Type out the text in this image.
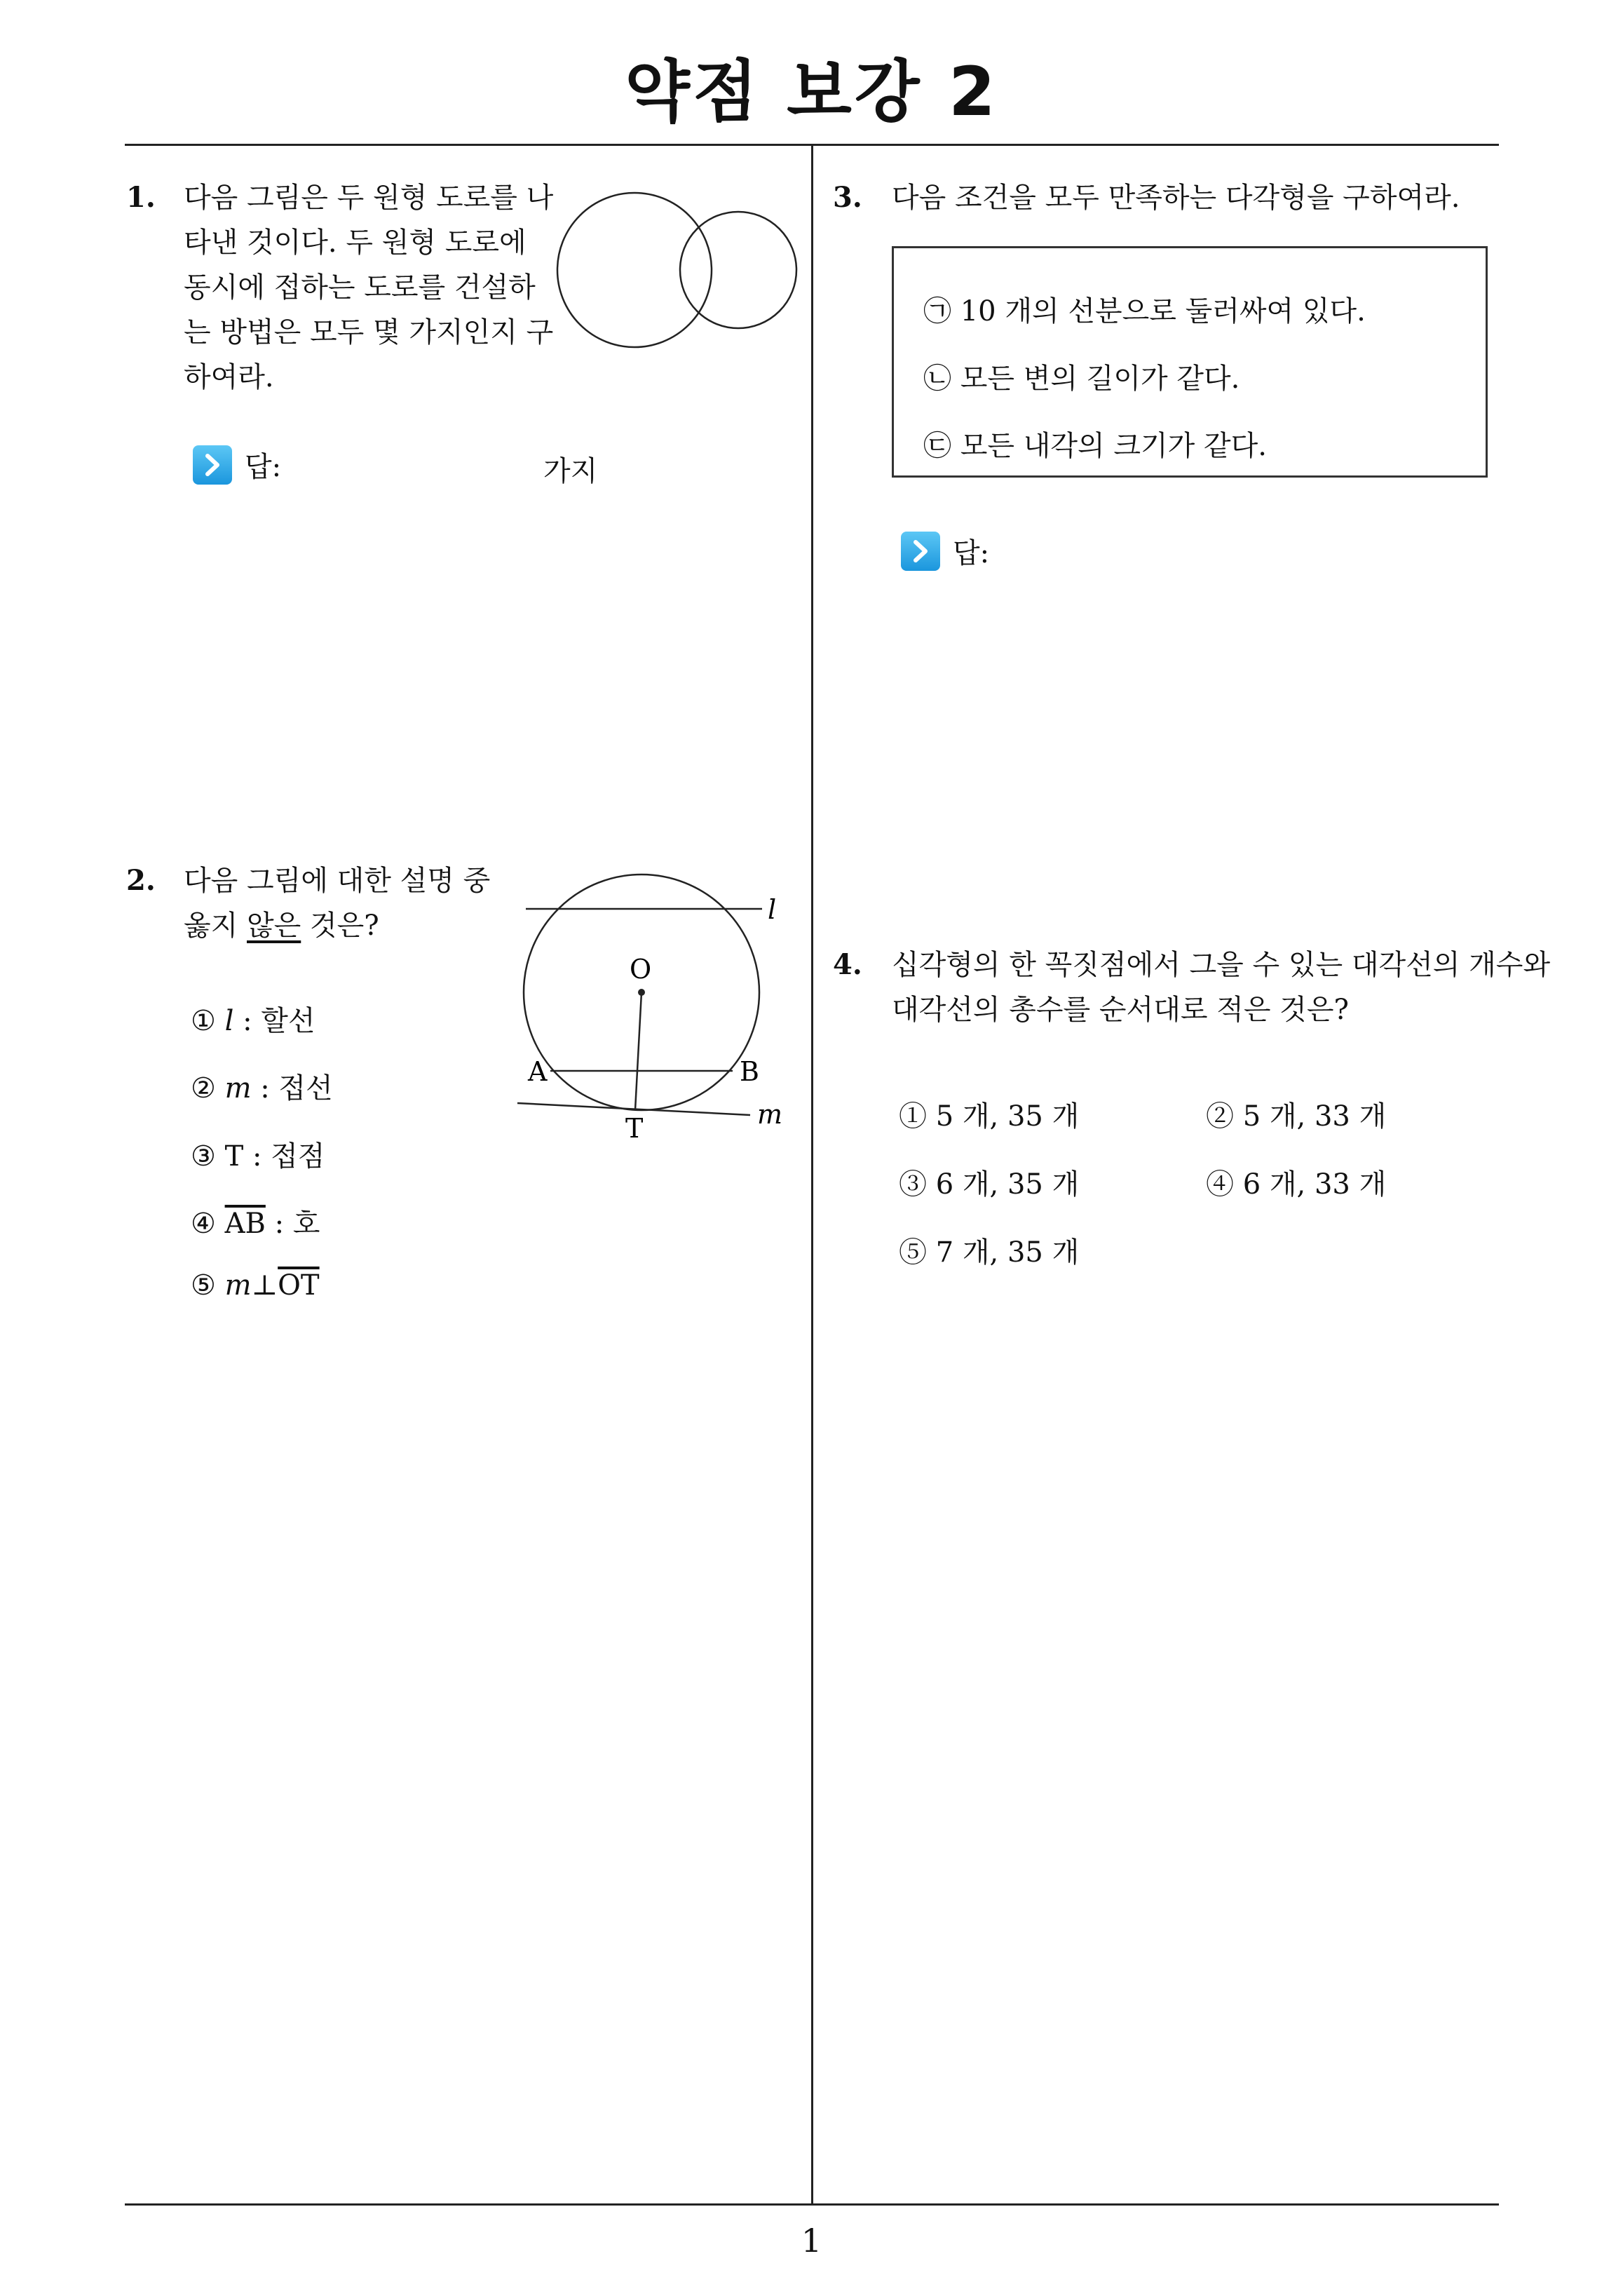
약점 보강 2
1. 다음 그림은 두 원형 도로를 나
타낸 것이다. 두 원형 도로에
동시에 접하는 도로를 건설하
는 방법은 모두 몇 가지인지 구
하여라.
답:	가지
2. 다음 그림에 대한 설명 중
옳지 않은 것은?	l
A	B
m
O
T
① l : 할선
② m : 접선
③ T : 접점
④ $\overline{AB}$ : 호
⑤ $m\perp\overline{OT}$
3. 다음 조건을 모두 만족하는 다각형을 구하여라.
㉠ 10 개의 선분으로 둘러싸여 있다.
㉡ 모든 변의 길이가 같다.
㉢ 모든 내각의 크기가 같다.
답:
4. 십각형의 한 꼭짓점에서 그을 수 있는 대각선의 개수와
대각선의 총수를 순서대로 적은 것은?
① 5 개, 35 개	② 5 개, 33 개
③ 6 개, 35 개	④ 6 개, 33 개
⑤ 7 개, 35 개
1
